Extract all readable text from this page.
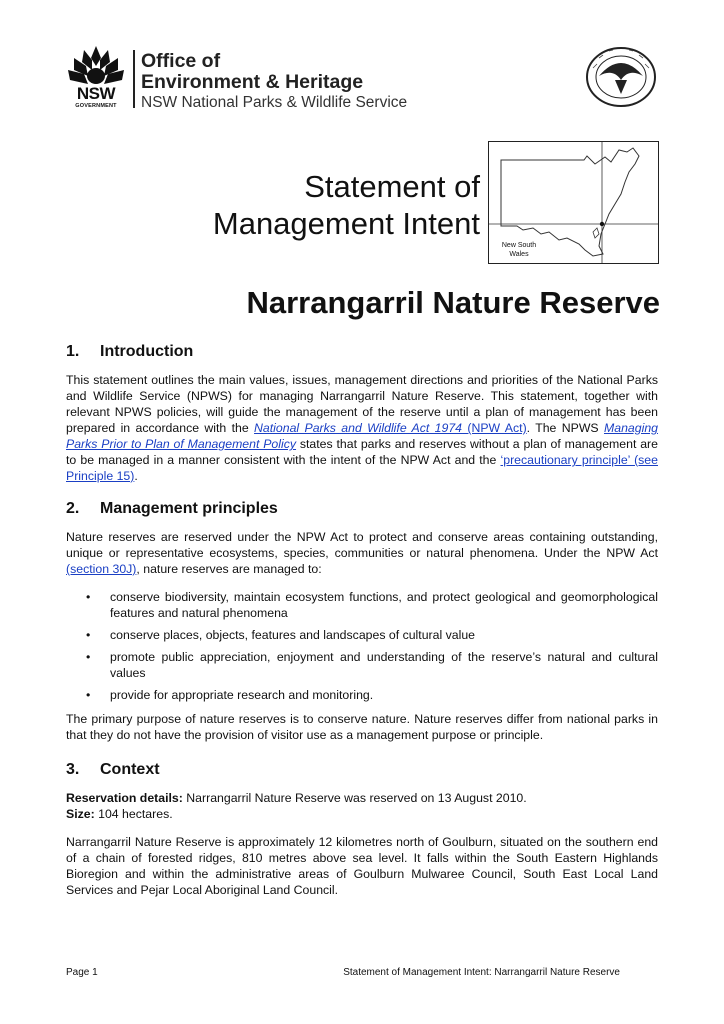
NSW
GOVERNMENT
Office of
Environment & Heritage
NSW National Parks & Wildlife Service
Statement of
Management Intent
New South
Wales
Narrangarril Nature Reserve
1. Introduction
This statement outlines the main values, issues, management directions and priorities of the National Parks and Wildlife Service (NPWS) for managing Narrangarril Nature Reserve. This statement, together with relevant NPWS policies, will guide the management of the reserve until a plan of management has been prepared in accordance with the National Parks and Wildlife Act 1974 (NPW Act). The NPWS Managing Parks Prior to Plan of Management Policy states that parks and reserves without a plan of management are to be managed in a manner consistent with the intent of the NPW Act and the ‘precautionary principle’ (see Principle 15).
2. Management principles
Nature reserves are reserved under the NPW Act to protect and conserve areas containing outstanding, unique or representative ecosystems, species, communities or natural phenomena. Under the NPW Act (section 30J), nature reserves are managed to:
• conserve biodiversity, maintain ecosystem functions, and protect geological and geomorphological features and natural phenomena
• conserve places, objects, features and landscapes of cultural value
• promote public appreciation, enjoyment and understanding of the reserve’s natural and cultural values
• provide for appropriate research and monitoring.
The primary purpose of nature reserves is to conserve nature. Nature reserves differ from national parks in that they do not have the provision of visitor use as a management purpose or principle.
3. Context
Reservation details: Narrangarril Nature Reserve was reserved on 13 August 2010.
Size: 104 hectares.
Narrangarril Nature Reserve is approximately 12 kilometres north of Goulburn, situated on the southern end of a chain of forested ridges, 810 metres above sea level. It falls within the South Eastern Highlands Bioregion and within the administrative areas of Goulburn Mulwaree Council, South East Local Land Services and Pejar Local Aboriginal Land Council.
Page 1	Statement of Management Intent: Narrangarril Nature Reserve
